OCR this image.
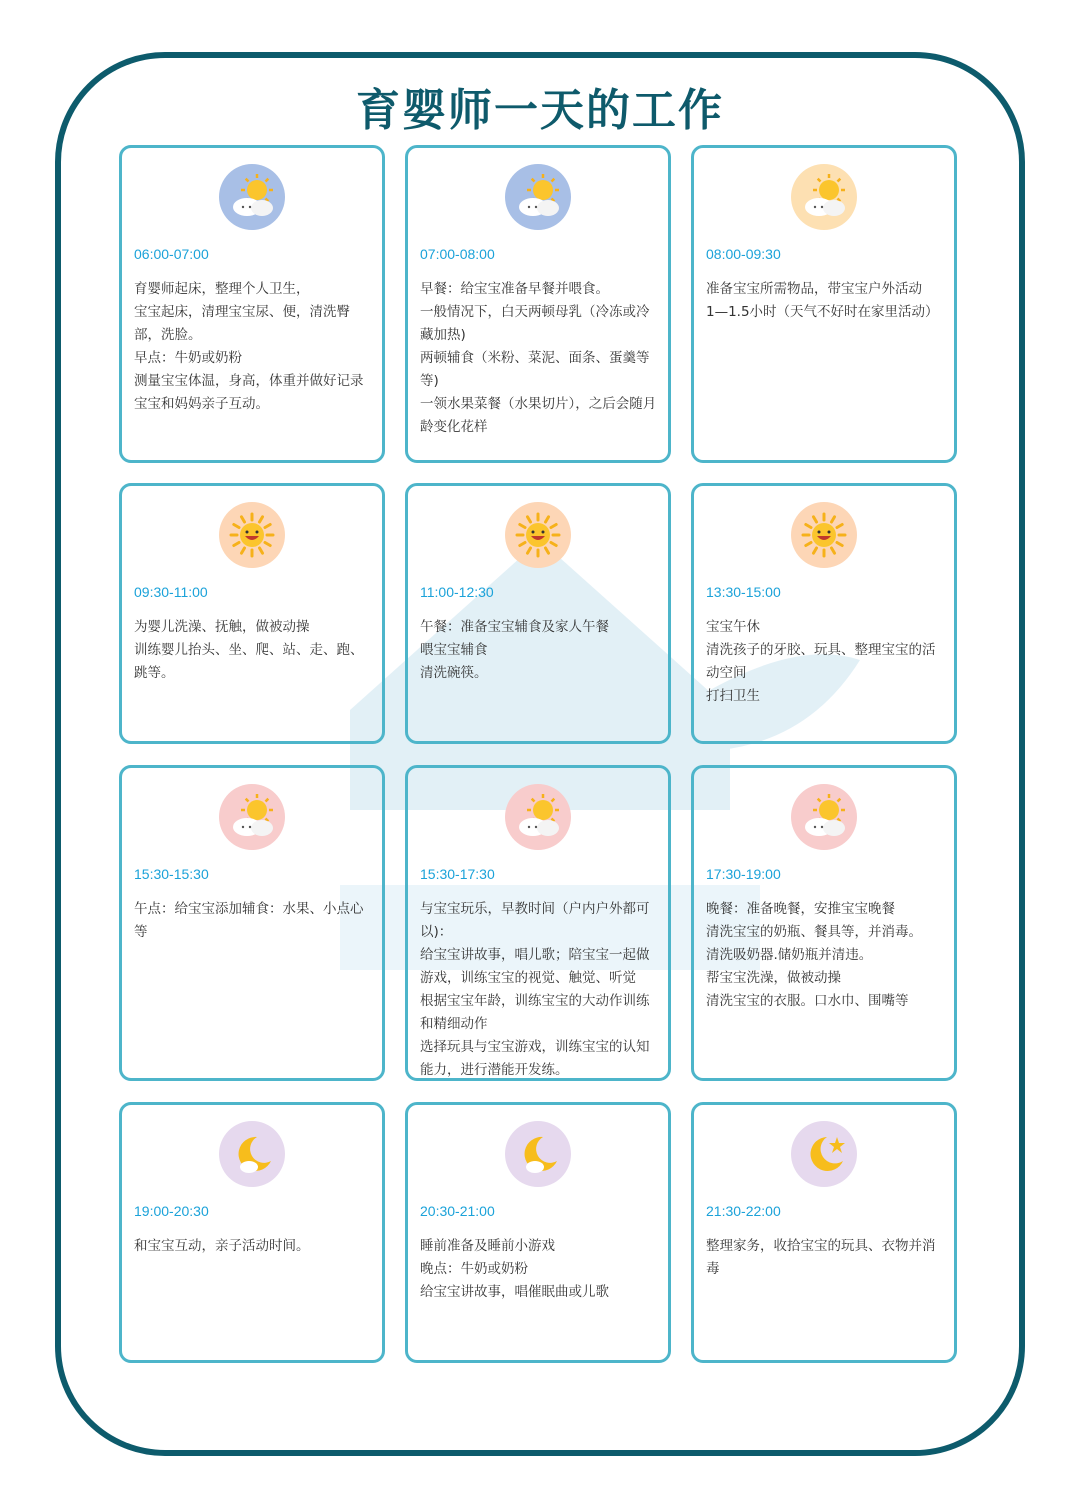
育婴师一天的工作
06:00-07:00
育婴师起床，整理个人卫生，
宝宝起床，清理宝宝尿、便，清洗臀部，洗脸。
早点：牛奶或奶粉
测量宝宝体温，身高，体重并做好记录
宝宝和妈妈亲子互动。
07:00-08:00
早餐：给宝宝准备早餐并喂食。
一般情况下，白天两顿母乳（冷冻或冷藏加热)
两顿辅食（米粉、菜泥、面条、蛋羹等等)
一领水果菜餐（水果切片），之后会随月龄变化花样
08:00-09:30
准备宝宝所需物品，带宝宝户外活动
1—1.5小时（天气不好时在家里活动）
09:30-11:00
为婴儿洗澡、抚触，做被动操
训练婴儿抬头、坐、爬、站、走、跑、跳等。
11:00-12:30
午餐：准备宝宝辅食及家人午餐
喂宝宝辅食
清洗碗筷。
13:30-15:00
宝宝午休
清洗孩子的牙胶、玩具、整理宝宝的活动空间
打扫卫生
15:30-15:30
午点：给宝宝添加辅食：水果、小点心等
15:30-17:30
与宝宝玩乐，早教时间（户内户外都可以)：
给宝宝讲故事，唱儿歌；陪宝宝一起做游戏，训练宝宝的视觉、触觉、听觉
根据宝宝年龄，训练宝宝的大动作训练和精细动作
选择玩具与宝宝游戏，训练宝宝的认知能力，进行潜能开发练。
17:30-19:00
晚餐：准备晚餐，安推宝宝晚餐
清洗宝宝的奶瓶、餐具等，并消毒。
清洗吸奶器.储奶瓶并清违。
帮宝宝洗澡，做被动操
清洗宝宝的衣服。口水巾、围嘴等
19:00-20:30
和宝宝互动，亲子活动时间。
20:30-21:00
睡前准备及睡前小游戏
晚点：牛奶或奶粉
给宝宝讲故事，唱催眠曲或儿歌
21:30-22:00
整理家务，收拾宝宝的玩具、衣物并消毒
